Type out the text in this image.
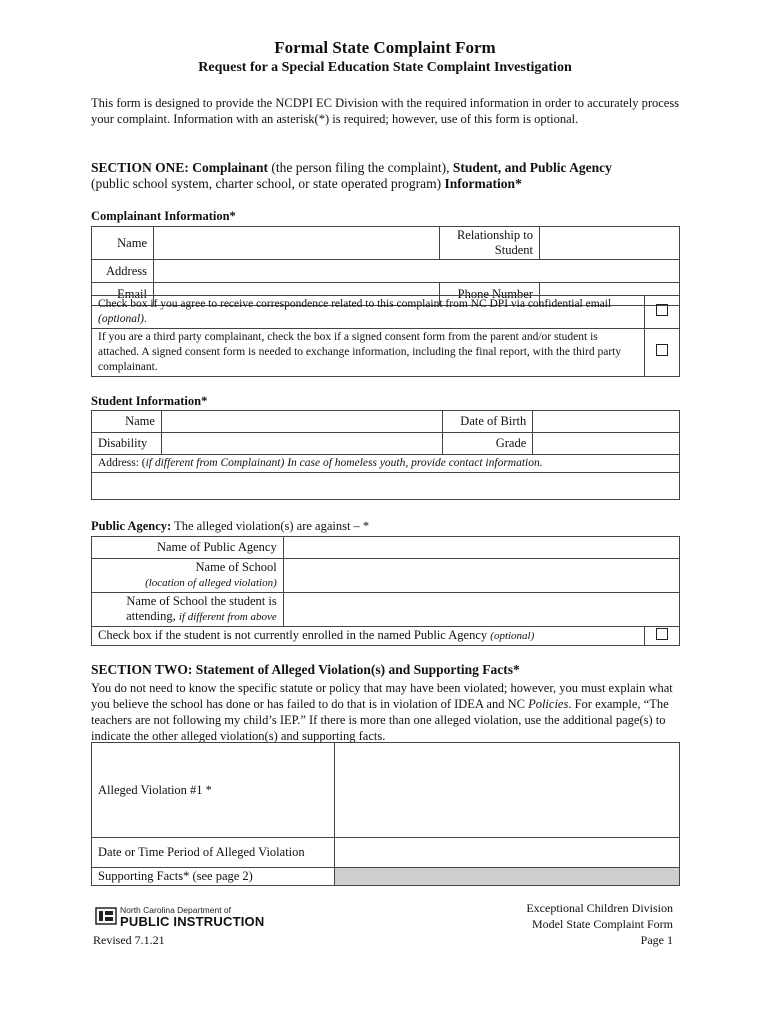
Formal State Complaint Form
Request for a Special Education State Complaint Investigation
This form is designed to provide the NCDPI EC Division with the required information in order to accurately process your complaint. Information with an asterisk(*) is required; however, use of this form is optional.
SECTION ONE: Complainant (the person filing the complaint), Student, and Public Agency
(public school system, charter school, or state operated program) Information*
Complainant Information*
Name		Relationship to Student	
Address			
Email		Phone Number	
Check box if you agree to receive correspondence related to this complaint from NC DPI via confidential email (optional).	
If you are a third party complainant, check the box if a signed consent form from the parent and/or student is attached. A signed consent form is needed to exchange information, including the final report, with the third party complainant.	
Student Information*
Name		Date of Birth	
Disability		Grade	
Address: (if different from Complainant) In case of homeless youth, provide contact information.			

Public Agency: The alleged violation(s) are against – *
Name of Public Agency		
Name of School
(location of alleged violation)		
Name of School the student is
attending, if different from above		
Check box if the student is not currently enrolled in the named Public Agency (optional)		
SECTION TWO: Statement of Alleged Violation(s) and Supporting Facts*
You do not need to know the specific statute or policy that may have been violated; however, you must explain what you believe the school has done or has failed to do that is in violation of IDEA and NC Policies. For example, “The teachers are not following my child’s IEP.” If there is more than one alleged violation, use the additional page(s) to indicate the other alleged violation(s) and supporting facts.
Alleged Violation #1 *	
Date or Time Period of Alleged Violation	
Supporting Facts* (see page 2)	
North Carolina Department of
PUBLIC INSTRUCTION
Revised 7.1.21
Exceptional Children Division
Model State Complaint Form
Page 1
